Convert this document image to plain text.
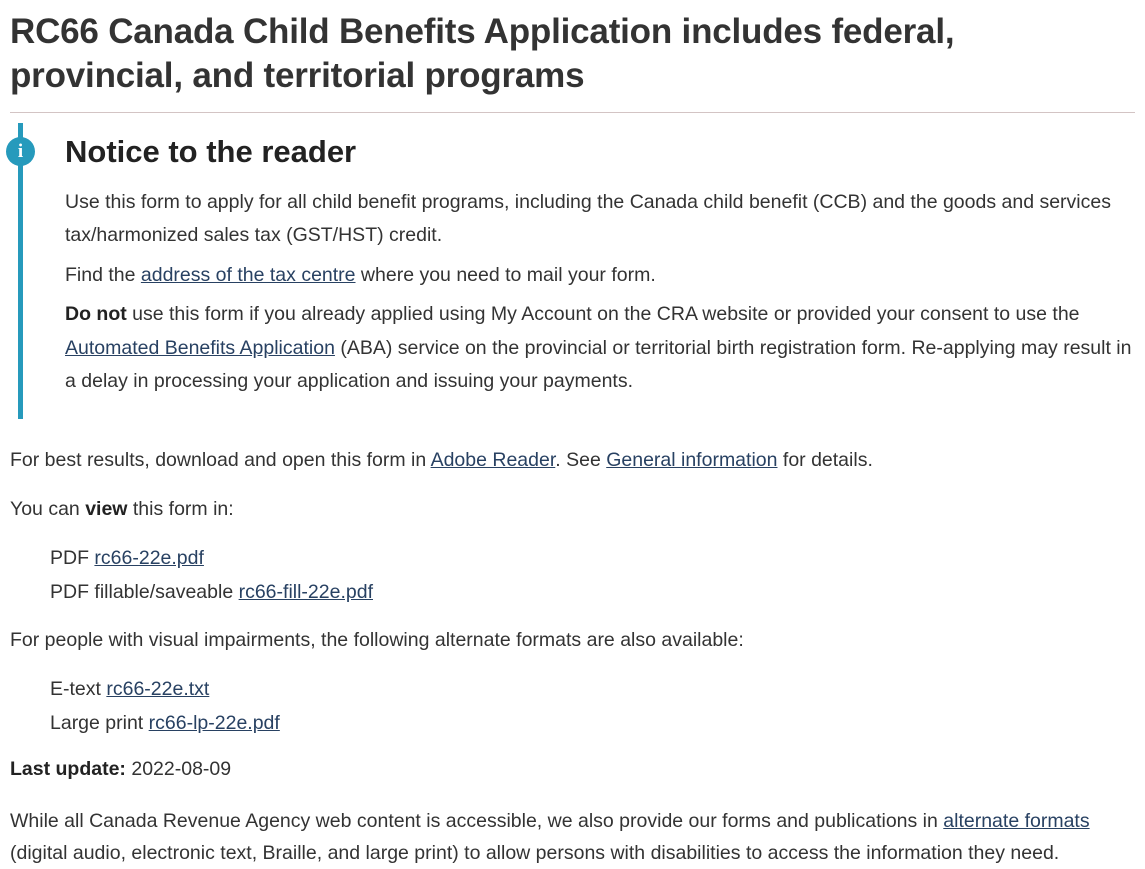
RC66 Canada Child Benefits Application includes federal, provincial, and territorial programs
i	Notice to the reader

Use this form to apply for all child benefit programs, including the Canada child benefit (CCB) and the goods and services tax/harmonized sales tax (GST/HST) credit.

Find the address of the tax centre where you need to mail your form.

Do not use this form if you already applied using My Account on the CRA website or provided your consent to use the Automated Benefits Application (ABA) service on the provincial or territorial birth registration form. Re-applying may result in a delay in processing your application and issuing your payments.

For best results, download and open this form in Adobe Reader. See General information for details.

You can view this form in:

PDF rc66-22e.pdf
PDF fillable/saveable rc66-fill-22e.pdf

For people with visual impairments, the following alternate formats are also available:

E-text rc66-22e.txt
Large print rc66-lp-22e.pdf

Last update: 2022-08-09

While all Canada Revenue Agency web content is accessible, we also provide our forms and publications in alternate formats (digital audio, electronic text, Braille, and large print) to allow persons with disabilities to access the information they need.
